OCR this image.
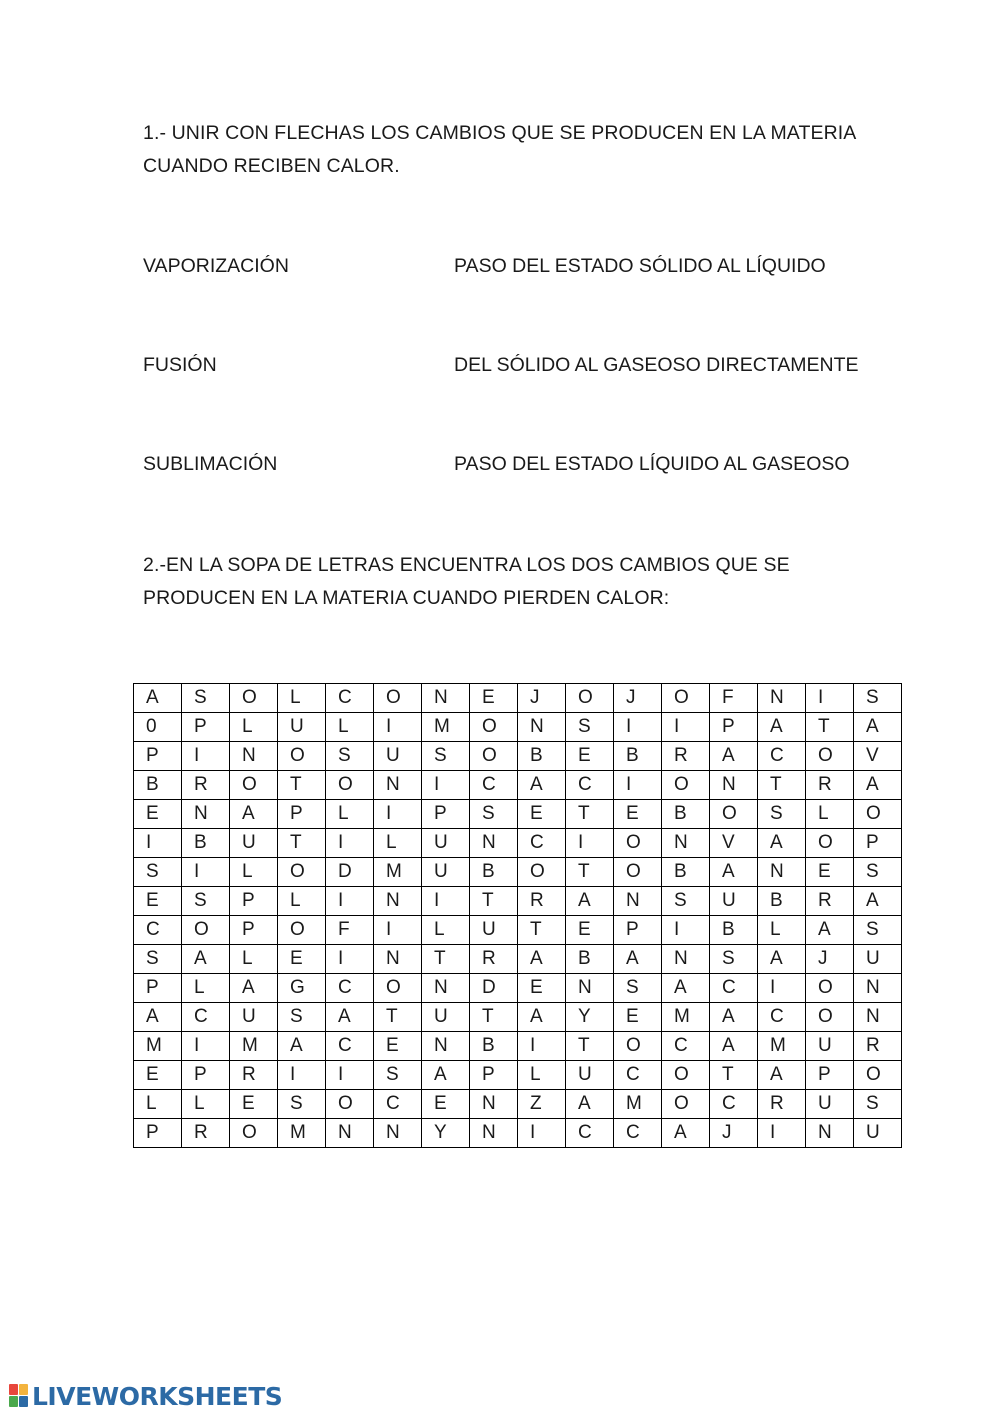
1.- UNIR CON FLECHAS LOS CAMBIOS QUE SE PRODUCEN EN LA MATERIA
CUANDO RECIBEN CALOR.
VAPORIZACIÓN	PASO DEL ESTADO SÓLIDO AL LÍQUIDO
FUSIÓN	DEL SÓLIDO AL GASEOSO DIRECTAMENTE
SUBLIMACIÓN	PASO DEL ESTADO LÍQUIDO AL GASEOSO
2.-EN LA SOPA DE LETRAS ENCUENTRA LOS DOS CAMBIOS QUE SE
PRODUCEN EN LA MATERIA CUANDO PIERDEN CALOR:
A	S	O	L	C	O	N	E	J	O	J	O	F	N	I	S
0	P	L	U	L	I	M	O	N	S	I	I	P	A	T	A
P	I	N	O	S	U	S	O	B	E	B	R	A	C	O	V
B	R	O	T	O	N	I	C	A	C	I	O	N	T	R	A
E	N	A	P	L	I	P	S	E	T	E	B	O	S	L	O
I	B	U	T	I	L	U	N	C	I	O	N	V	A	O	P
S	I	L	O	D	M	U	B	O	T	O	B	A	N	E	S
E	S	P	L	I	N	I	T	R	A	N	S	U	B	R	A
C	O	P	O	F	I	L	U	T	E	P	I	B	L	A	S
S	A	L	E	I	N	T	R	A	B	A	N	S	A	J	U
P	L	A	G	C	O	N	D	E	N	S	A	C	I	O	N
A	C	U	S	A	T	U	T	A	Y	E	M	A	C	O	N
M	I	M	A	C	E	N	B	I	T	O	C	A	M	U	R
E	P	R	I	I	S	A	P	L	U	C	O	T	A	P	O
L	L	E	S	O	C	E	N	Z	A	M	O	C	R	U	S
P	R	O	M	N	N	Y	N	I	C	C	A	J	I	N	U
LIVEWORKSHEETS
